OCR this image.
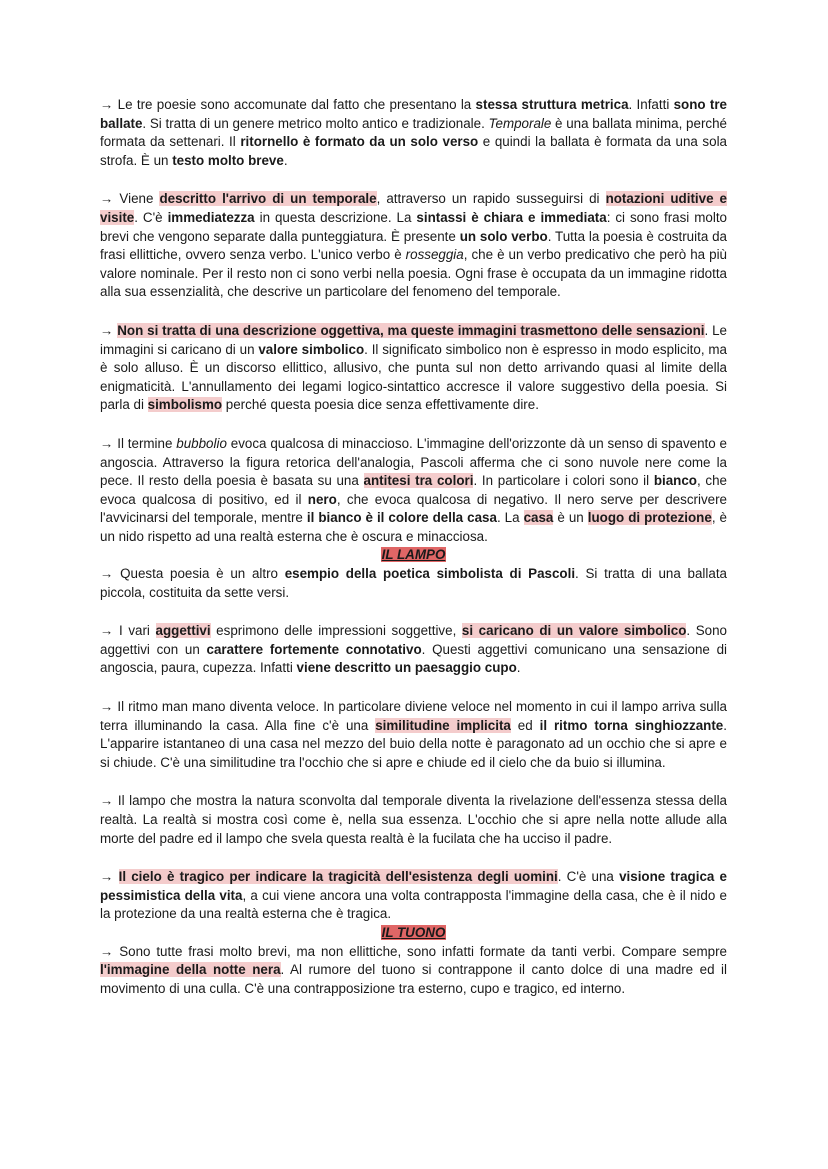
→ Le tre poesie sono accomunate dal fatto che presentano la stessa struttura metrica. Infatti sono tre ballate. Si tratta di un genere metrico molto antico e tradizionale. Temporale è una ballata minima, perché formata da settenari. Il ritornello è formato da un solo verso e quindi la ballata è formata da una sola strofa. È un testo molto breve.

→ Viene descritto l'arrivo di un temporale, attraverso un rapido susseguirsi di notazioni uditive e visite. C'è immediatezza in questa descrizione. La sintassi è chiara e immediata: ci sono frasi molto brevi che vengono separate dalla punteggiatura. È presente un solo verbo. Tutta la poesia è costruita da frasi ellittiche, ovvero senza verbo. L'unico verbo è rosseggia, che è un verbo predicativo che però ha più valore nominale. Per il resto non ci sono verbi nella poesia. Ogni frase è occupata da un immagine ridotta alla sua essenzialità, che descrive un particolare del fenomeno del temporale.

→ Non si tratta di una descrizione oggettiva, ma queste immagini trasmettono delle sensazioni. Le immagini si caricano di un valore simbolico. Il significato simbolico non è espresso in modo esplicito, ma è solo alluso. È un discorso ellittico, allusivo, che punta sul non detto arrivando quasi al limite della enigmaticità. L'annullamento dei legami logico-sintattico accresce il valore suggestivo della poesia. Si parla di simbolismo perché questa poesia dice senza effettivamente dire.

→ Il termine bubbolio evoca qualcosa di minaccioso. L'immagine dell'orizzonte dà un senso di spavento e angoscia. Attraverso la figura retorica dell'analogia, Pascoli afferma che ci sono nuvole nere come la pece. Il resto della poesia è basata su una antitesi tra colori. In particolare i colori sono il bianco, che evoca qualcosa di positivo, ed il nero, che evoca qualcosa di negativo. Il nero serve per descrivere l'avvicinarsi del temporale, mentre il bianco è il colore della casa. La casa è un luogo di protezione, è un nido rispetto ad una realtà esterna che è oscura e minacciosa.

IL LAMPO

→ Questa poesia è un altro esempio della poetica simbolista di Pascoli. Si tratta di una ballata piccola, costituita da sette versi.

→ I vari aggettivi esprimono delle impressioni soggettive, si caricano di un valore simbolico. Sono aggettivi con un carattere fortemente connotativo. Questi aggettivi comunicano una sensazione di angoscia, paura, cupezza. Infatti viene descritto un paesaggio cupo.

→ Il ritmo man mano diventa veloce. In particolare diviene veloce nel momento in cui il lampo arriva sulla terra illuminando la casa. Alla fine c'è una similitudine implicita ed il ritmo torna singhiozzante. L'apparire istantaneo di una casa nel mezzo del buio della notte è paragonato ad un occhio che si apre e si chiude. C'è una similitudine tra l'occhio che si apre e chiude ed il cielo che da buio si illumina.

→ Il lampo che mostra la natura sconvolta dal temporale diventa la rivelazione dell'essenza stessa della realtà. La realtà si mostra così come è, nella sua essenza. L'occhio che si apre nella notte allude alla morte del padre ed il lampo che svela questa realtà è la fucilata che ha ucciso il padre.

→ Il cielo è tragico per indicare la tragicità dell'esistenza degli uomini. C'è una visione tragica e pessimistica della vita, a cui viene ancora una volta contrapposta l'immagine della casa, che è il nido e la protezione da una realtà esterna che è tragica.

IL TUONO

→ Sono tutte frasi molto brevi, ma non ellittiche, sono infatti formate da tanti verbi. Compare sempre l'immagine della notte nera. Al rumore del tuono si contrappone il canto dolce di una madre ed il movimento di una culla. C'è una contrapposizione tra esterno, cupo e tragico, ed interno.
